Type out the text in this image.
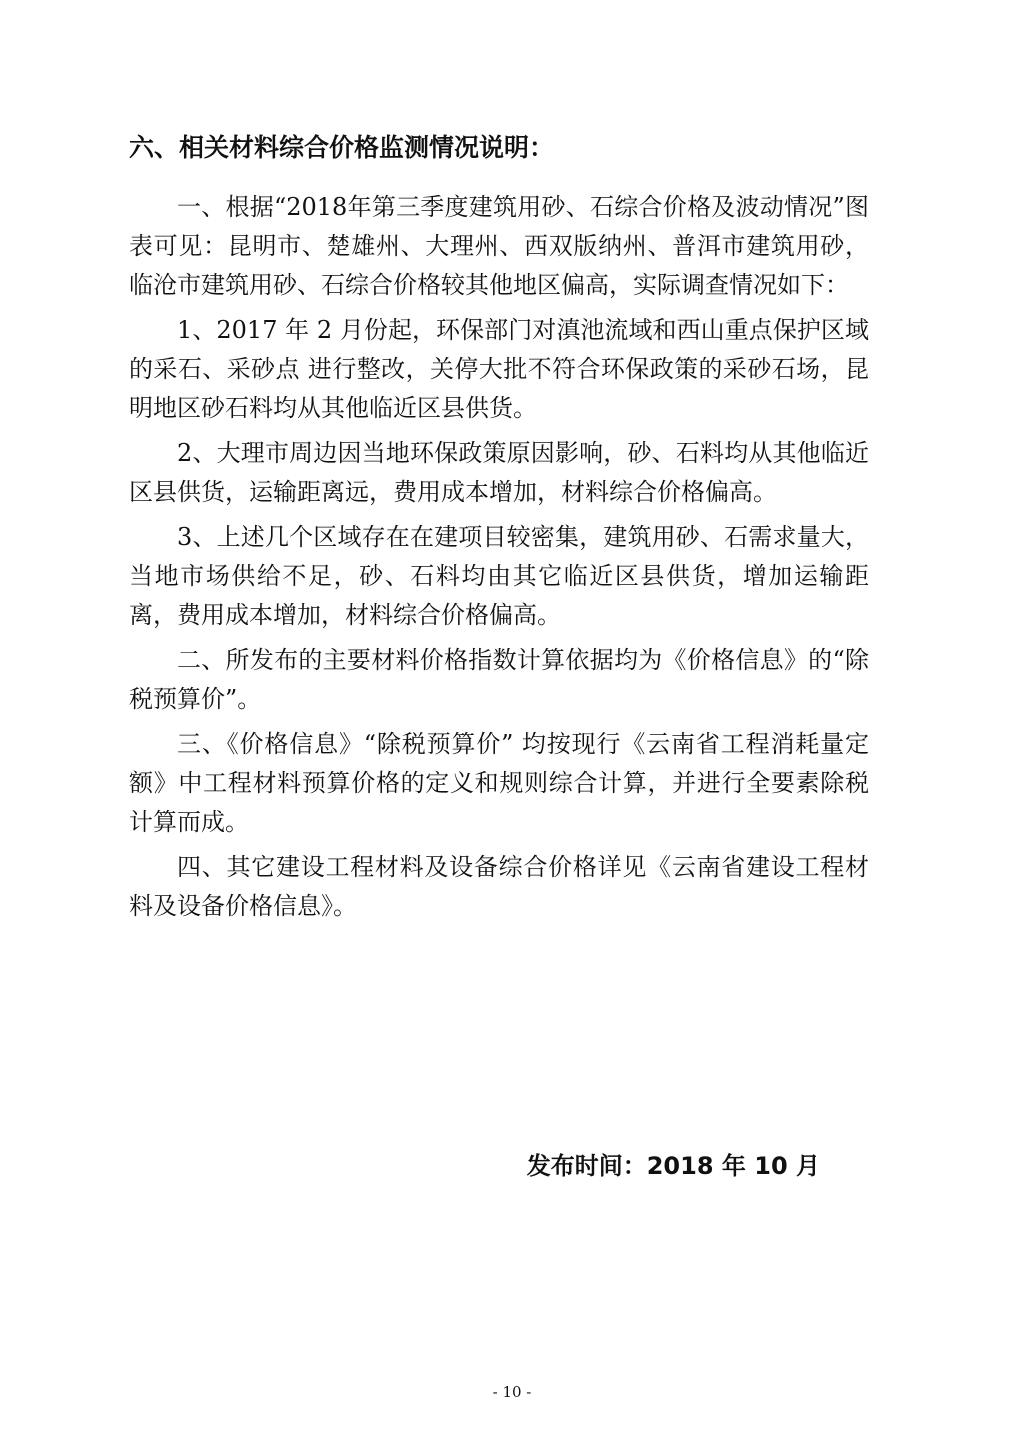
六、相关材料综合价格监测情况说明：

一、根据“2018年第三季度建筑用砂、石综合价格及波动情况”图表可见：昆明市、楚雄州、大理州、西双版纳州、普洱市建筑用砂，临沧市建筑用砂、石综合价格较其他地区偏高，实际调查情况如下：

1、2017 年 2 月份起，环保部门对滇池流域和西山重点保护区域的采石、采砂点 进行整改，关停大批不符合环保政策的采砂石场，昆明地区砂石料均从其他临近区县供货。

2、大理市周边因当地环保政策原因影响，砂、石料均从其他临近区县供货，运输距离远，费用成本增加，材料综合价格偏高。

3、上述几个区域存在在建项目较密集，建筑用砂、石需求量大，当地市场供给不足，砂、石料均由其它临近区县供货，增加运输距离，费用成本增加，材料综合价格偏高。

二、所发布的主要材料价格指数计算依据均为《价格信息》的“除税预算价”。

三、《价格信息》“除税预算价” 均按现行《云南省工程消耗量定额》中工程材料预算价格的定义和规则综合计算，并进行全要素除税计算而成。

四、其它建设工程材料及设备综合价格详见《云南省建设工程材料及设备价格信息》。

发布时间：2018 年 10 月
- 10 -
